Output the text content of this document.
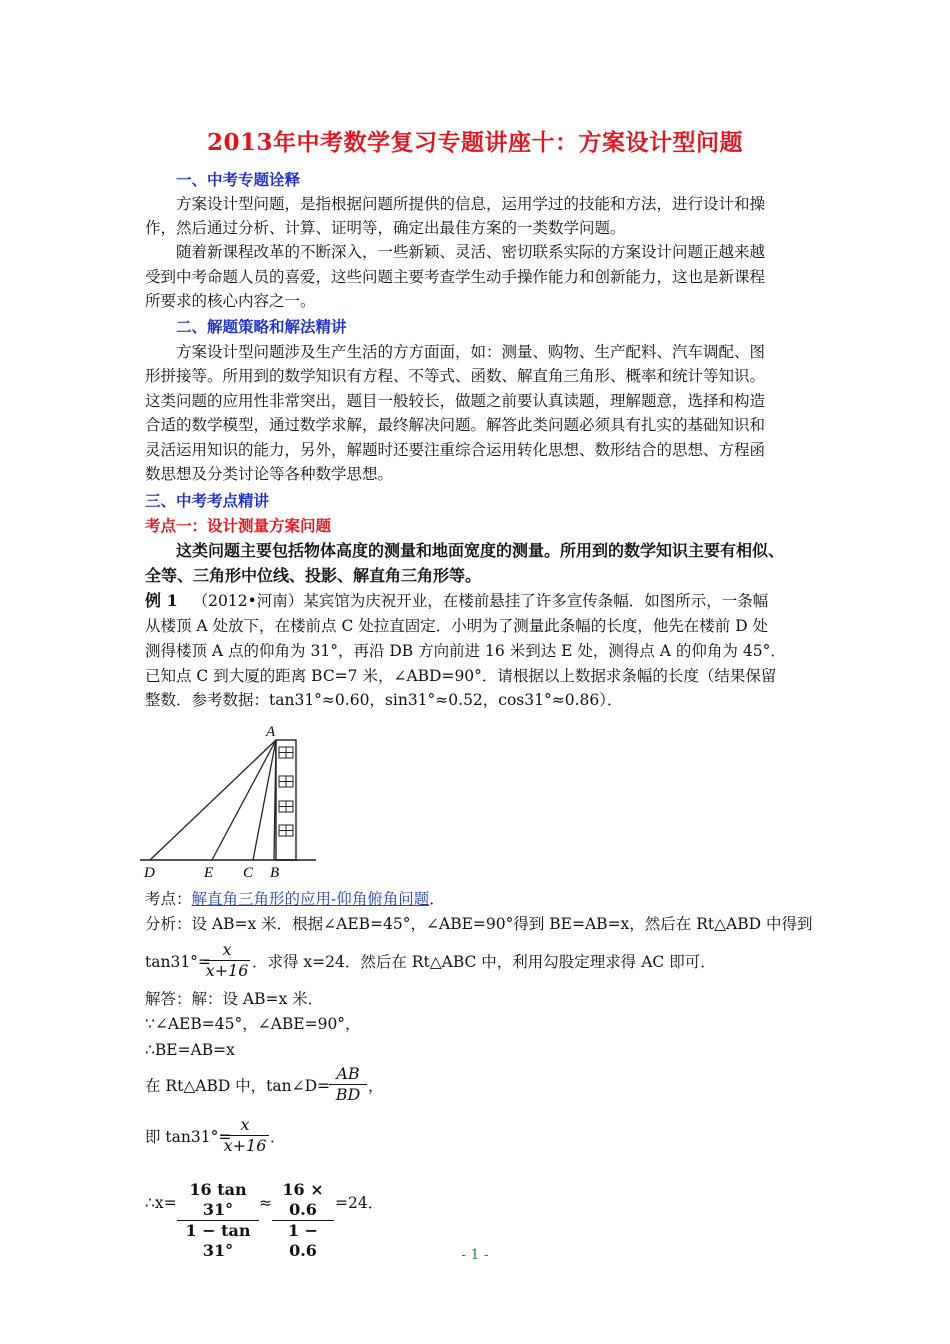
2013年中考数学复习专题讲座十：方案设计型问题
一、中考专题诠释
方案设计型问题，是指根据问题所提供的信息，运用学过的技能和方法，进行设计和操
作，然后通过分析、计算、证明等，确定出最佳方案的一类数学问题。
随着新课程改革的不断深入，一些新颖、灵活、密切联系实际的方案设计问题正越来越
受到中考命题人员的喜爱，这些问题主要考查学生动手操作能力和创新能力，这也是新课程
所要求的核心内容之一。
二、解题策略和解法精讲
方案设计型问题涉及生产生活的方方面面，如：测量、购物、生产配料、汽车调配、图
形拼接等。所用到的数学知识有方程、不等式、函数、解直角三角形、概率和统计等知识。
这类问题的应用性非常突出，题目一般较长，做题之前要认真读题，理解题意，选择和构造
合适的数学模型，通过数学求解，最终解决问题。解答此类问题必须具有扎实的基础知识和
灵活运用知识的能力，另外，解题时还要注重综合运用转化思想、数形结合的思想、方程函
数思想及分类讨论等各种数学思想。
三、中考考点精讲
考点一：设计测量方案问题
这类问题主要包括物体高度的测量和地面宽度的测量。所用到的数学知识主要有相似、
全等、三角形中位线、投影、解直角三角形等。
例 1 （2012•河南）某宾馆为庆祝开业，在楼前悬挂了许多宣传条幅．如图所示，一条幅
从楼顶 A 处放下，在楼前点 C 处拉直固定．小明为了测量此条幅的长度，他先在楼前 D 处
测得楼顶 A 点的仰角为 31°，再沿 DB 方向前进 16 米到达 E 处，测得点 A 的仰角为 45°．
已知点 C 到大厦的距离 BC=7 米，∠ABD=90°．请根据以上数据求条幅的长度（结果保留
整数．参考数据：tan31°≈0.60，sin31°≈0.52，cos31°≈0.86）．
A
D	E C B
考点：解直角三角形的应用-仰角俯角问题．
分析：设 AB=x 米．根据∠AEB=45°，∠ABE=90°得到 BE=AB=x，然后在 Rt△ABD 中得到
tan31°=
x
x+16 ．求得 x=24．然后在 Rt△ABC 中，利用勾股定理求得 AC 即可．
解答：解：设 AB=x 米．
∵∠AEB=45°，∠ABE=90°，
∴BE=AB=x
在 Rt△ABD 中，tan∠D=
AB
BD ，
即 tan31°=
x
x+16 ．
∴x=
16 tan 31°
1 − tan 31°
≈
16 × 0.6
1 − 0.6
=24．
- 1 -
